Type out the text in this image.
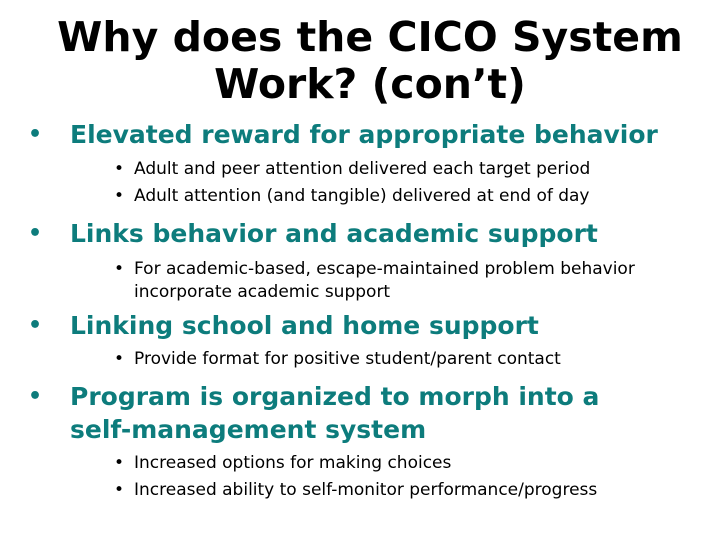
Why does the CICO System
Work? (con’t)
•	Elevated reward for appropriate behavior
• Adult and peer attention delivered each target period
• Adult attention (and tangible) delivered at end of day
•	Links behavior and academic support
• For academic-based, escape-maintained problem behavior incorporate academic support
•	Linking school and home support
• Provide format for positive student/parent contact
•	Program is organized to morph into a self-management system
• Increased options for making choices
• Increased ability to self-monitor performance/progress
